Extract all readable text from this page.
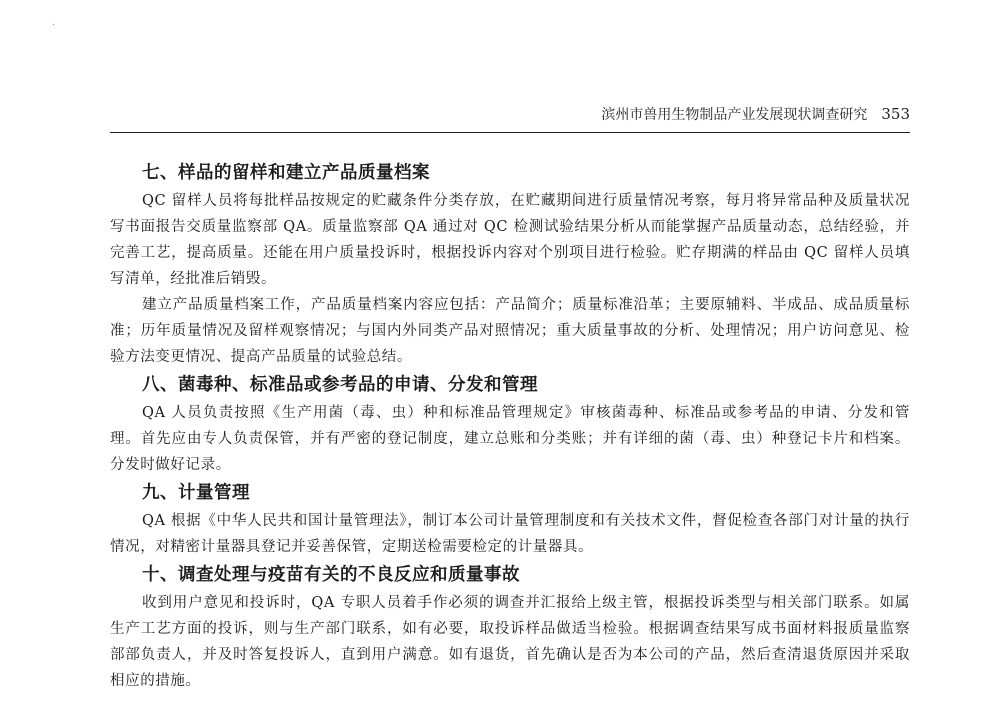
·
滨州市兽用生物制品产业发展现状调查研究 353
七、样品的留样和建立产品质量档案

QC 留样人员将每批样品按规定的贮藏条件分类存放，在贮藏期间进行质量情况考察，每月将异常品种及质量状况写书面报告交质量监察部 QA。质量监察部 QA 通过对 QC 检测试验结果分析从而能掌握产品质量动态，总结经验，并完善工艺，提高质量。还能在用户质量投诉时，根据投诉内容对个别项目进行检验。贮存期满的样品由 QC 留样人员填写清单，经批准后销毁。

建立产品质量档案工作，产品质量档案内容应包括：产品简介；质量标准沿革；主要原辅料、半成品、成品质量标准；历年质量情况及留样观察情况；与国内外同类产品对照情况；重大质量事故的分析、处理情况；用户访问意见、检验方法变更情况、提高产品质量的试验总结。

八、菌毒种、标准品或参考品的申请、分发和管理

QA 人员负责按照《生产用菌（毒、虫）种和标准品管理规定》审核菌毒种、标准品或参考品的申请、分发和管理。首先应由专人负责保管，并有严密的登记制度，建立总账和分类账；并有详细的菌（毒、虫）种登记卡片和档案。分发时做好记录。

九、计量管理

QA 根据《中华人民共和国计量管理法》，制订本公司计量管理制度和有关技术文件，督促检查各部门对计量的执行情况，对精密计量器具登记并妥善保管，定期送检需要检定的计量器具。

十、调查处理与疫苗有关的不良反应和质量事故

收到用户意见和投诉时，QA 专职人员着手作必须的调查并汇报给上级主管，根据投诉类型与相关部门联系。如属生产工艺方面的投诉，则与生产部门联系，如有必要，取投诉样品做适当检验。根据调查结果写成书面材料报质量监察部部负责人，并及时答复投诉人，直到用户满意。如有退货，首先确认是否为本公司的产品，然后查清退货原因并采取相应的措施。
